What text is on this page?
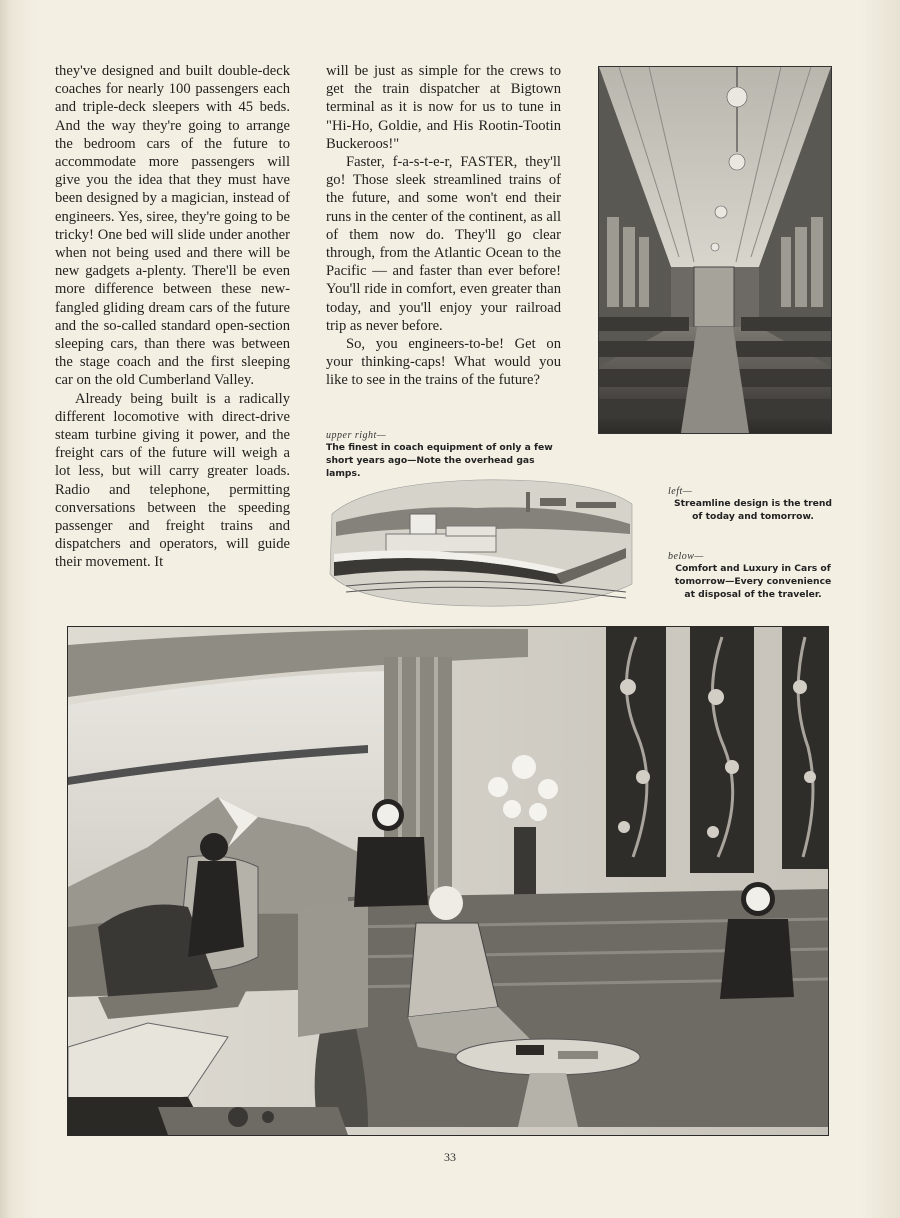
they've designed and built double-deck coaches for nearly 100 passengers each and triple-deck sleepers with 45 beds. And the way they're going to arrange the bedroom cars of the future to accommodate more passengers will give you the idea that they must have been designed by a magician, instead of engineers. Yes, siree, they're going to be tricky! One bed will slide under another when not being used and there will be new gadgets a-plenty. There'll be even more difference between these new-fangled gliding dream cars of the future and the so-called standard open-section sleeping cars, than there was between the stage coach and the first sleeping car on the old Cumberland Valley.

Already being built is a radically different locomotive with direct-drive steam turbine giving it power, and the freight cars of the future will weigh a lot less, but will carry greater loads. Radio and telephone, permitting conversations between the speeding passenger and freight trains and dispatchers and operators, will guide their movement. It

will be just as simple for the crews to get the train dispatcher at Bigtown terminal as it is now for us to tune in "Hi-Ho, Goldie, and His Rootin-Tootin Buckeroos!"

Faster, f-a-s-t-e-r, FASTER, they'll go! Those sleek streamlined trains of the future, and some won't end their runs in the center of the continent, as all of them now do. They'll go clear through, from the Atlantic Ocean to the Pacific — and faster than ever before! You'll ride in comfort, even greater than today, and you'll enjoy your railroad trip as never before.

So, you engineers-to-be! Get on your thinking-caps! What would you like to see in the trains of the future?

upper right—
The finest in coach equipment of only a few short years ago—Note the overhead gas lamps.
left—
Streamline design is the trend of today and tomorrow.
below—
Comfort and Luxury in Cars of tomorrow—Every convenience at disposal of the traveler.
33
